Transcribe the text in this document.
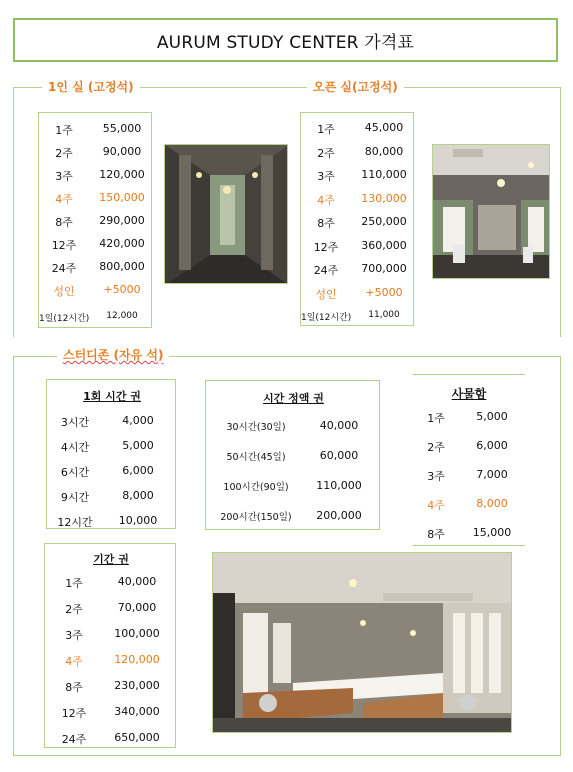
AURUM STUDY CENTER 가격표
1인 실 (고정석)	오픈 실(고정석)
1주	55,000
2주	90,000
3주	120,000
4주	150,000
8주	290,000
12주	420,000
24주	800,000
성인	+5000
1일(12시간)	12,000
1주	45,000
2주	80,000
3주	110,000
4주	130,000
8주	250,000
12주	360,000
24주	700,000
성인	+5000
1일(12시간)	11,000
스터디존 (자유 석)
1회 시간 권
3시간	4,000
4시간	5,000
6시간	6,000
9시간	8,000
12시간	10,000
시간 정액 권
30시간(30일)	40,000
50시간(45일)	60,000
100시간(90일)	110,000
200시간(150일)	200,000
사물함
1주	5,000
2주	6,000
3주	7,000
4주	8,000
8주	15,000
기간 권
1주	40,000
2주	70,000
3주	100,000
4주	120,000
8주	230,000
12주	340,000
24주	650,000
